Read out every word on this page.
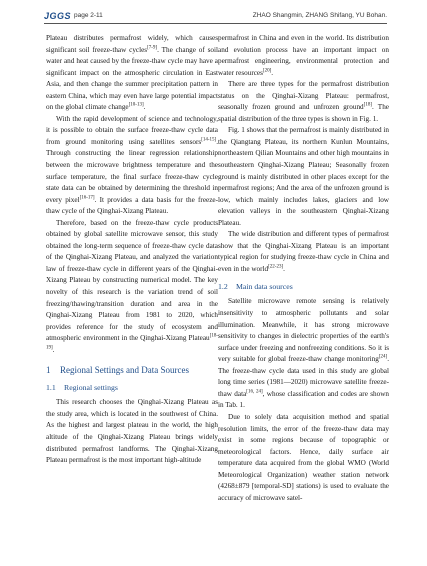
JGGS page 2-11	ZHAO Shangmin, ZHANG Shifang, YU Bohan.

Plateau distributes permafrost widely, which causes significant soil freeze-thaw cycles[7-9]. The change of soil water and heat caused by the freeze-thaw cycle may have a significant impact on the atmospheric circulation in East Asia, and then change the summer precipitation pattern in eastern China, which may even have large potential impact on the global climate change[10-13].

With the rapid development of science and technology, it is possible to obtain the surface freeze-thaw cycle data from ground monitoring using satellites sensors[14-15]. Through constructing the linear regression relationship between the microwave brightness temperature and the surface temperature, the final surface freeze-thaw cycle state data can be obtained by determining the threshold in every pixel[16-17]. It provides a data basis for the freeze-thaw cycle of the Qinghai-Xizang Plateau.

Therefore, based on the freeze-thaw cycle products obtained by global satellite microwave sensor, this study obtained the long-term sequence of freeze-thaw cycle data of the Qinghai-Xizang Plateau, and analyzed the variation law of freeze-thaw cycle in different years of the Qinghai-Xizang Plateau by constructing numerical model. The key novelty of this research is the variation trend of soil freezing/thawing/transition duration and area in the Qinghai-Xizang Plateau from 1981 to 2020, which provides reference for the study of ecosystem and atmospheric environment in the Qinghai-Xizang Plateau[18-19].

1 Regional Settings and Data Sources
1.1 Regional settings

This research chooses the Qinghai-Xizang Plateau as the study area, which is located in the southwest of China. As the highest and largest plateau in the world, the high altitude of the Qinghai-Xizang Plateau brings widely distributed permafrost landforms. The Qinghai-Xizang Plateau permafrost is the most important high-altitude

permafrost in China and even in the world. Its distribution and evolution process have an important impact on permafrost engineering, environmental protection and water resources[20].

There are three types for the permafrost distribution status on the Qinghai-Xizang Plateau: permafrost, seasonally frozen ground and unfrozen ground[18]. The spatial distribution of the three types is shown in Fig. 1.

Fig. 1 shows that the permafrost is mainly distributed in the Qiangtang Plateau, its northern Kunlun Mountains, northeastern Qilian Mountains and other high mountains in southeastern Qinghai-Xizang Plateau; Seasonally frozen ground is mainly distributed in other places except for the permafrost regions; And the area of the unfrozen ground is low, which mainly includes lakes, glaciers and low elevation valleys in the southeastern Qinghai-Xizang Plateau.

The wide distribution and different types of permafrost show that the Qinghai-Xizang Plateau is an important typical region for studying freeze-thaw cycle in China and even in the world[22-23].

1.2 Main data sources

Satellite microwave remote sensing is relatively insensitivity to atmospheric pollutants and solar illumination. Meanwhile, it has strong microwave sensitivity to changes in dielectric properties of the earth's surface under freezing and nonfreezing conditions. So it is very suitable for global freeze-thaw change monitoring[24]. The freeze-thaw cycle data used in this study are global long time series (1981—2020) microwave satellite freeze-thaw data[16, 24], whose classification and codes are shown in Tab. 1.

Due to solely data acquisition method and spatial resolution limits, the error of the freeze-thaw data may exist in some regions because of topographic or meteorological factors. Hence, daily surface air temperature data acquired from the global WMO (World Meteorological Organization) weather station network (4268±879 [temporal-SD] stations) is used to evaluate the accuracy of microwave satel-
